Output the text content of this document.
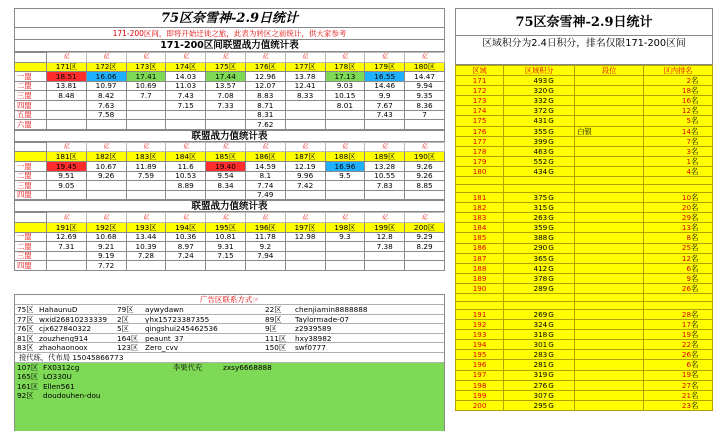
75区奈雪神-2.9日统计
171-200区间，即将开始迁徙之旅，此表为转区之前统计，供大家参考
171-200区间联盟战力值统计表
	亿	亿	亿	亿	亿	亿	亿	亿	亿	亿
	171区	172区	173区	174区	175区	176区	177区	178区	179区	180区
一盟	18.51	16.06	17.41	14.03	17.44	12.96	13.78	17.13	16.55	14.47
二盟	13.81	10.97	10.69	11.03	13.57	12.07	12.41	9.03	14.46	9.94
三盟	8.48	8.42	7.7	7.43	7.08	8.83	8.33	10.15	9.9	9.35
四盟		7.63		7.15	7.33	8.71		8.01	7.67	8.36
五盟		7.58				8.31			7.43	7
六盟						7.62				
联盟战力值统计表
	亿	亿	亿	亿	亿	亿	亿	亿	亿	亿
	181区	182区	183区	184区	185区	186区	187区	188区	189区	190区
一盟	19.45	10.67	11.89	11.6	19.40	14.59	12.19	16.96	13.28	9.26
二盟	9.51	9.26	7.59	10.53	9.54	8.1	9.96	9.5	10.55	9.26
三盟	9.05			8.89	8.34	7.74	7.42		7.83	8.85
四盟						7.49				
联盟战力值统计表
	亿	亿	亿	亿	亿	亿	亿	亿	亿	亿
	191区	192区	193区	194区	195区	196区	197区	198区	199区	200区
一盟	12.69	10.68	13.44	10.36	10.81	11.78	12.98	9.3	12.8	9.29
二盟	7.31	9.21	10.39	8.97	9.31	9.2			7.38	8.29
三盟		9.19	7.28	7.24	7.15	7.94				
四盟		7.72								
广告区联系方式☞
75区 HahaunuD	79区	aywydawn	22区	chenjiamin8888888
77区 wxid26810233339	2区	yhx15723387355	89区	Taylormade-07
76区 cjx627840322	5区	qingshui245462536	9区	z2939589
81区 zouzheng914	164区 peaunt_37	111区	hxy38982
83区 zhaohaonoox	123区 Zero_cvv	150区	swf0777
接代练，代布局 15045866773
107区 FX0312cg	李果代充	zxsy6668888
165区 LO330U
161区 Ellen561
92区	doudouhen-dou
75区奈雪神-2.9日统计
区域积分为2.4日积分，排名仅限171-200区间
区域	区域积分	段位	区内排名
171	493G		2名
172	320G		18名
173	332G		16名
174	372G		12名
175	431G		5名
176	355G	白银	14名
177	399G		7名
178	463G		3名
179	552G		1名
180	434G		4名

181	375G		10名
182	315G		20名
183	263G		29名
184	359G		13名
185	388G		8名
186	290G		25名
187	365G		12名
188	412G		6名
189	378G		9名
190	289G		26名

191	269G		28名
192	324G		17名
193	318G		19名
194	301G		22名
195	283G		26名
196	281G		6名
197	319G		19名
198	276G		27名
199	307G		21名
200	295G		23名
